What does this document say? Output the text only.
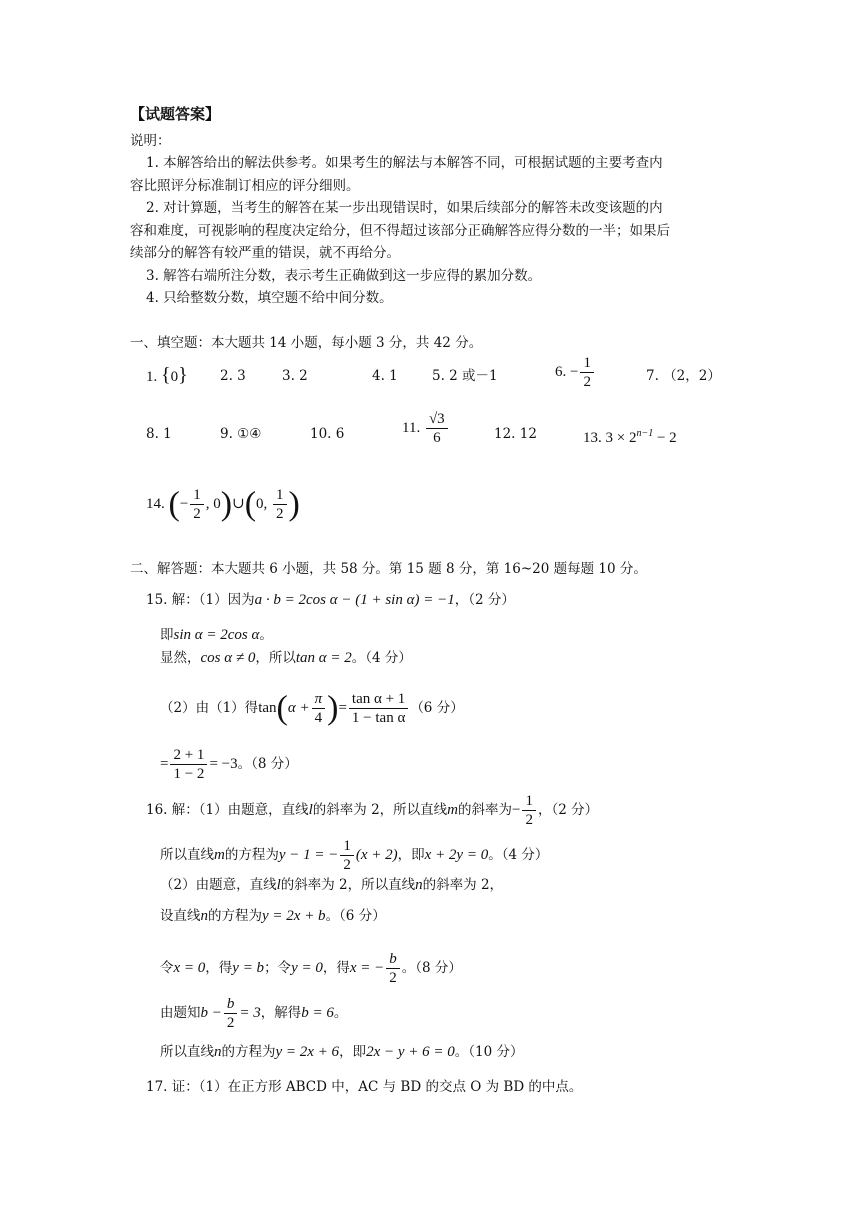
【试题答案】
说明：
1. 本解答给出的解法供参考。如果考生的解法与本解答不同，可根据试题的主要考查内
容比照评分标准制订相应的评分细则。
2. 对计算题，当考生的解答在某一步出现错误时，如果后续部分的解答未改变该题的内
容和难度，可视影响的程度决定给分，但不得超过该部分正确解答应得分数的一半；如果后
续部分的解答有较严重的错误，就不再给分。
3. 解答右端所注分数，表示考生正确做到这一步应得的累加分数。
4. 只给整数分数，填空题不给中间分数。
一、填空题：本大题共 14 小题，每小题 3 分，共 42 分。
1. {0} 2. 3	3. 2	4. 1	5. 2 或－1	6. − $\frac{1}{2}$	7. （2，2）
8. 1	9. ①④	10. 6	11. $\frac{√3}{6}$	12. 12	13. $3 \times 2^{n-1} - 2$
14. (− $\frac{1}{2}$ , 0)∪(0, $\frac{1}{2}$ )
二、解答题：本大题共 6 小题，共 58 分。第 15 题 8 分，第 16~20 题每题 10 分。
15. 解：（1）因为a · b = 2cos α − (1 + sin α) = −1，（2 分）
即sin α = 2cos α。
显然，cos α ≠ 0，所以tan α = 2。（4 分）
（2）由（1）得$\tan(\alpha + \frac{\pi}{4}$ )= $\frac{\text{tan α + 1}}{\text{1 − tan α}} (6$ 分）
= $\frac{2 + 1}{1 - 2} = -3$。（8 分）
16. 解：（1）由题意，直线l的斜率为 2，所以直线m的斜率为− $\frac{1}{2}$ ，（2 分）
所以直线m的方程为y − 1 = − $\frac{1}{2} (x + 2)$，即x + 2y = 0。（4 分）
（2）由题意，直线l的斜率为 2，所以直线n的斜率为 2，
设直线n的方程为y = 2x + b。（6 分）
令x = 0，得y = b；令y = 0，得x = − $\frac{b}{2}$ 。（8 分）
由题知$b - \frac{b}{2} = 3$，解得b = 6。
所以直线n的方程为y = 2x + 6，即2x − y + 6 = 0。（10 分）
17. 证：（1）在正方形 ABCD 中，AC 与 BD 的交点 O 为 BD 的中点。
